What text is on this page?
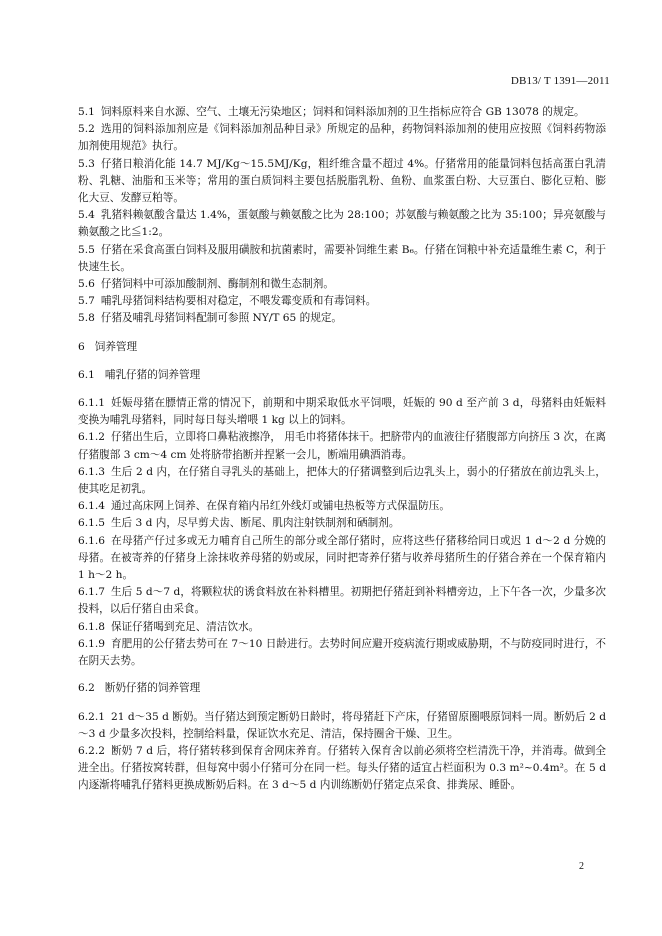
DB13/ T 1391—2011
5.1 饲料原料来自水源、空气、土壤无污染地区；饲料和饲料添加剂的卫生指标应符合 GB 13078 的规定。
5.2 选用的饲料添加剂应是《饲料添加剂品种目录》所规定的品种，药物饲料添加剂的使用应按照《饲料药物添加剂使用规范》执行。
5.3 仔猪日粮消化能 14.7 MJ/Kg～15.5MJ/Kg，粗纤维含量不超过 4%。仔猪常用的能量饲料包括高蛋白乳清粉、乳糖、油脂和玉米等；常用的蛋白质饲料主要包括脱脂乳粉、鱼粉、血浆蛋白粉、大豆蛋白、膨化豆粕、膨化大豆、发酵豆粕等。
5.4 乳猪料赖氨酸含量达 1.4%，蛋氨酸与赖氨酸之比为 28:100；苏氨酸与赖氨酸之比为 35:100；异亮氨酸与赖氨酸之比≦1:2。
5.5 仔猪在采食高蛋白饲料及服用磺胺和抗菌素时，需要补饲维生素 B₆。仔猪在饲粮中补充适量维生素 C，利于快速生长。
5.6 仔猪饲料中可添加酸制剂、酶制剂和微生态制剂。
5.7 哺乳母猪饲料结构要相对稳定，不喂发霉变质和有毒饲料。
5.8 仔猪及哺乳母猪饲料配制可参照 NY/T 65 的规定。
6 饲养管理
6.1 哺乳仔猪的饲养管理
6.1.1 妊娠母猪在膘情正常的情况下，前期和中期采取低水平饲喂，妊娠的 90 d 至产前 3 d，母猪料由妊娠料变换为哺乳母猪料，同时每日每头增喂 1 kg 以上的饲料。
6.1.2 仔猪出生后，立即将口鼻粘液擦净， 用毛巾将猪体抹干。把脐带内的血液往仔猪腹部方向挤压 3 次，在离仔猪腹部 3 cm～4 cm 处将脐带掐断并捏紧一会儿，断端用碘酒消毒。
6.1.3 生后 2 d 内，在仔猪自寻乳头的基础上，把体大的仔猪调整到后边乳头上，弱小的仔猪放在前边乳头上，使其吃足初乳。
6.1.4 通过高床网上饲养、在保育箱内吊红外线灯或铺电热板等方式保温防压。
6.1.5 生后 3 d 内，尽早剪犬齿、断尾、肌肉注射铁制剂和硒制剂。
6.1.6 在母猪产仔过多或无力哺育自己所生的部分或全部仔猪时，应将这些仔猪移给同日或迟 1 d～2 d 分娩的母猪。在被寄养的仔猪身上涂抹收养母猪的奶或尿，同时把寄养仔猪与收养母猪所生的仔猪合养在一个保育箱内 1 h～2 h。
6.1.7 生后 5 d～7 d，将颗粒状的诱食料放在补料槽里。初期把仔猪赶到补料槽旁边，上下午各一次，少量多次投料，以后仔猪自由采食。
6.1.8 保证仔猪喝到充足、清洁饮水。
6.1.9 育肥用的公仔猪去势可在 7～10 日龄进行。去势时间应避开疫病流行期或威胁期，不与防疫同时进行，不在阴天去势。
6.2 断奶仔猪的饲养管理
6.2.1 21 d～35 d 断奶。当仔猪达到预定断奶日龄时，将母猪赶下产床，仔猪留原圈喂原饲料一周。断奶后 2 d～3 d 少量多次投料，控制给料量，保证饮水充足、清洁，保持圈舍干燥、卫生。
6.2.2 断奶 7 d 后，将仔猪转移到保育舍网床养育。仔猪转入保育舍以前必须将空栏清洗干净，并消毒。做到全进全出。仔猪按窝转群，但每窝中弱小仔猪可分在同一栏。每头仔猪的适宜占栏面积为 0.3 m²~0.4m²。在 5 d 内逐渐将哺乳仔猪料更换成断奶后料。在 3 d～5 d 内训练断奶仔猪定点采食、排粪尿、睡卧。
2
